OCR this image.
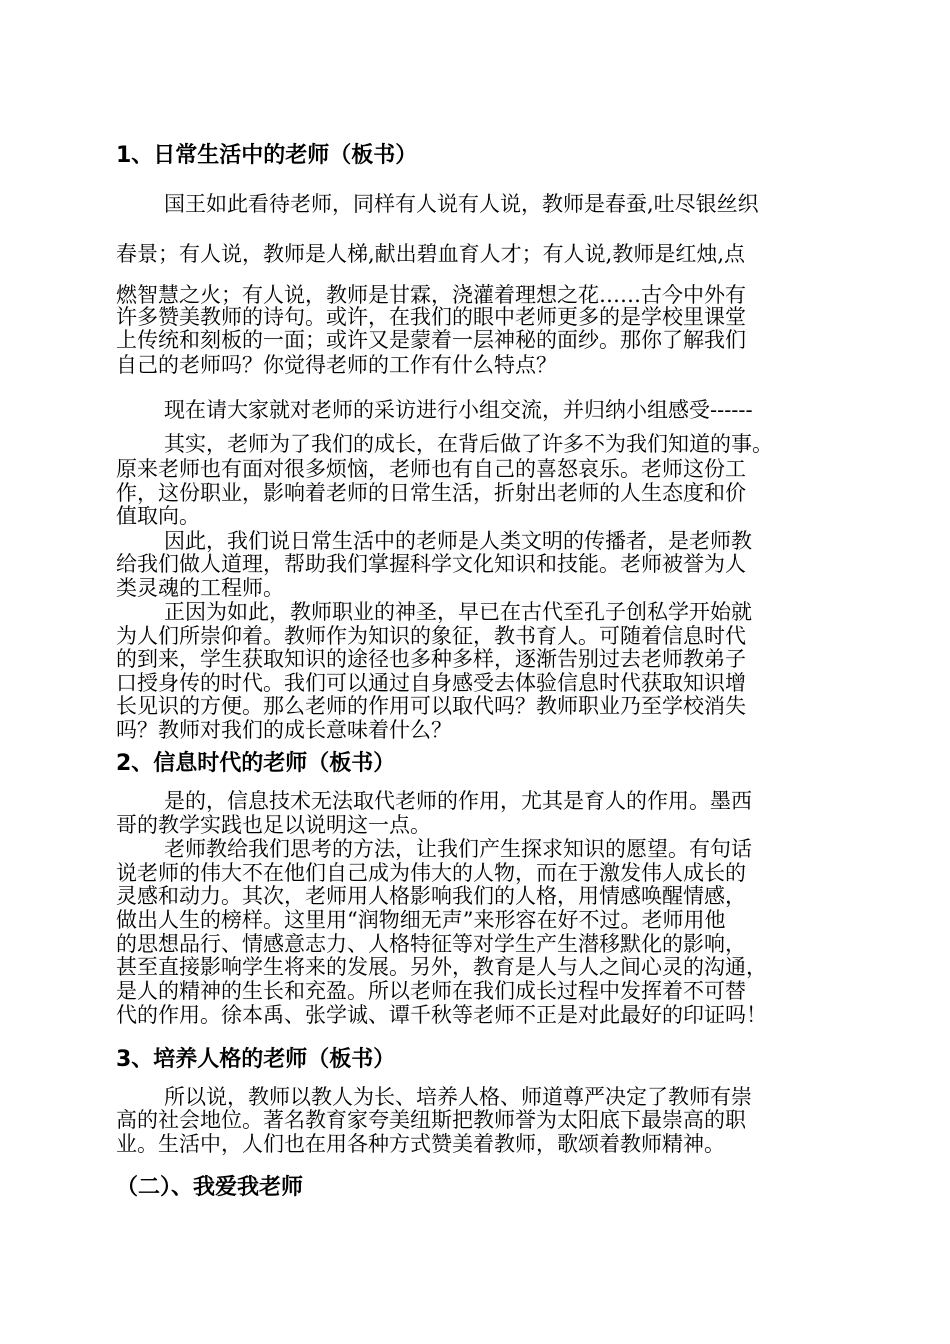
1、日常生活中的老师（板书）
国王如此看待老师，同样有人说有人说，教师是春蚕,吐尽银丝织
春景；有人说，教师是人梯,献出碧血育人才；有人说,教师是红烛,点
燃智慧之火；有人说，教师是甘霖，浇灌着理想之花……古今中外有
许多赞美教师的诗句。或许，在我们的眼中老师更多的是学校里课堂
上传统和刻板的一面；或许又是蒙着一层神秘的面纱。那你了解我们
自己的老师吗？你觉得老师的工作有什么特点？
现在请大家就对老师的采访进行小组交流，并归纳小组感受------
其实，老师为了我们的成长，在背后做了许多不为我们知道的事。
原来老师也有面对很多烦恼，老师也有自己的喜怒哀乐。老师这份工
作，这份职业，影响着老师的日常生活，折射出老师的人生态度和价
值取向。
因此，我们说日常生活中的老师是人类文明的传播者，是老师教
给我们做人道理，帮助我们掌握科学文化知识和技能。老师被誉为人
类灵魂的工程师。
正因为如此，教师职业的神圣，早已在古代至孔子创私学开始就
为人们所崇仰着。教师作为知识的象征，教书育人。可随着信息时代
的到来，学生获取知识的途径也多种多样，逐渐告别过去老师教弟子
口授身传的时代。我们可以通过自身感受去体验信息时代获取知识增
长见识的方便。那么老师的作用可以取代吗？教师职业乃至学校消失
吗？教师对我们的成长意味着什么？
2、信息时代的老师（板书）
是的，信息技术无法取代老师的作用，尤其是育人的作用。墨西
哥的教学实践也足以说明这一点。
老师教给我们思考的方法，让我们产生探求知识的愿望。有句话
说老师的伟大不在他们自己成为伟大的人物，而在于激发伟人成长的
灵感和动力。其次，老师用人格影响我们的人格，用情感唤醒情感，
做出人生的榜样。这里用“润物细无声”来形容在好不过。老师用他
的思想品行、情感意志力、人格特征等对学生产生潜移默化的影响，
甚至直接影响学生将来的发展。另外，教育是人与人之间心灵的沟通，
是人的精神的生长和充盈。所以老师在我们成长过程中发挥着不可替
代的作用。徐本禹、张学诚、谭千秋等老师不正是对此最好的印证吗！
3、培养人格的老师（板书）
所以说，教师以教人为长、培养人格、师道尊严决定了教师有崇
高的社会地位。著名教育家夸美纽斯把教师誉为太阳底下最崇高的职
业。生活中，人们也在用各种方式赞美着教师，歌颂着教师精神。
（二）、我爱我老师
